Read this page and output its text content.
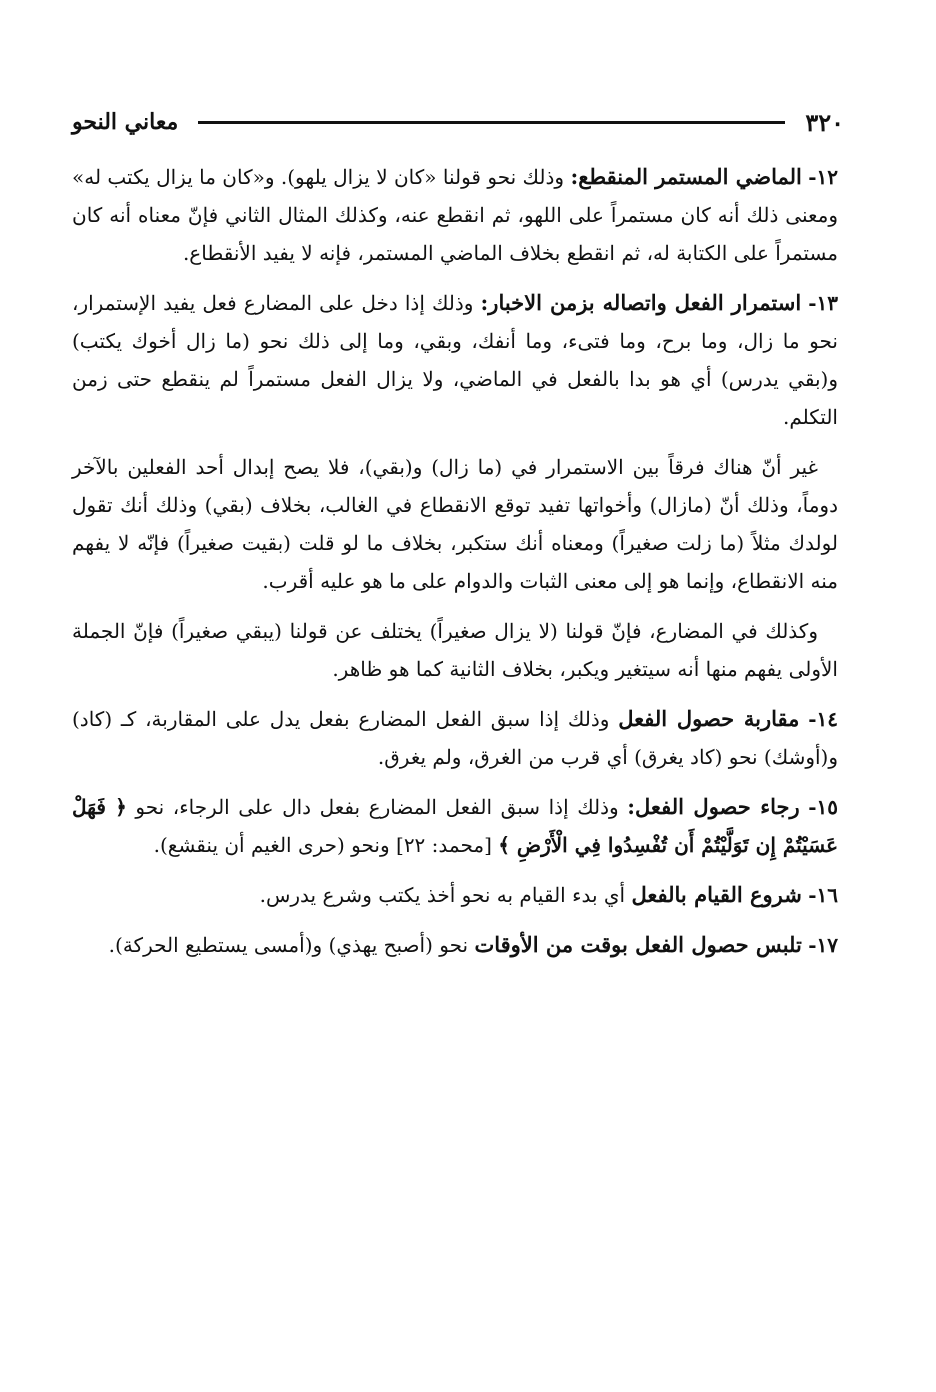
٣٢٠
معاني النحو

١٢- الماضي المستمر المنقطع: وذلك نحو قولنا «كان لا يزال يلهو). و«كان ما يزال يكتب له» ومعنى ذلك أنه كان مستمراً على اللهو، ثم انقطع عنه، وكذلك المثال الثاني فإنّ معناه أنه كان مستمراً على الكتابة له، ثم انقطع بخلاف الماضي المستمر، فإنه لا يفيد الأنقطاع.

١٣- استمرار الفعل واتصاله بزمن الاخبار: وذلك إذا دخل على المضارع فعل يفيد الإستمرار، نحو ما زال، وما برح، وما فتىء، وما أنفك، وبقي، وما إلى ذلك نحو (ما زال أخوك يكتب) و(بقي يدرس) أي هو بدا بالفعل في الماضي، ولا يزال الفعل مستمراً لم ينقطع حتى زمن التكلم.

غير أنّ هناك فرقاً بين الاستمرار في (ما زال) و(بقي)، فلا يصح إبدال أحد الفعلين بالآخر دوماً، وذلك أنّ (مازال) وأخواتها تفيد توقع الانقطاع في الغالب، بخلاف (بقي) وذلك أنك تقول لولدك مثلاً (ما زلت صغيراً) ومعناه أنك ستكبر، بخلاف ما لو قلت (بقيت صغيراً) فإنّه لا يفهم منه الانقطاع، وإنما هو إلى معنى الثبات والدوام على ما هو عليه أقرب.

وكذلك في المضارع، فإنّ قولنا (لا يزال صغيراً) يختلف عن قولنا (يبقي صغيراً) فإنّ الجملة الأولى يفهم منها أنه سيتغير ويكبر، بخلاف الثانية كما هو ظاهر.

١٤- مقاربة حصول الفعل وذلك إذا سبق الفعل المضارع بفعل يدل على المقاربة، كـ (كاد) و(أوشك) نحو (كاد يغرق) أي قرب من الغرق، ولم يغرق.

١٥- رجاء حصول الفعل: وذلك إذا سبق الفعل المضارع بفعل دال على الرجاء، نحو ﴿ فَهَلْ عَسَيْتُمْ إِن تَوَلَّيْتُمْ أَن تُفْسِدُوا فِي الْأَرْضِ ﴾ [محمد: ٢٢] ونحو (حرى الغيم أن ينقشع).

١٦- شروع القيام بالفعل أي بدء القيام به نحو أخذ يكتب وشرع يدرس.

١٧- تلبس حصول الفعل بوقت من الأوقات نحو (أصبح يهذي) و(أمسى يستطيع الحركة).
